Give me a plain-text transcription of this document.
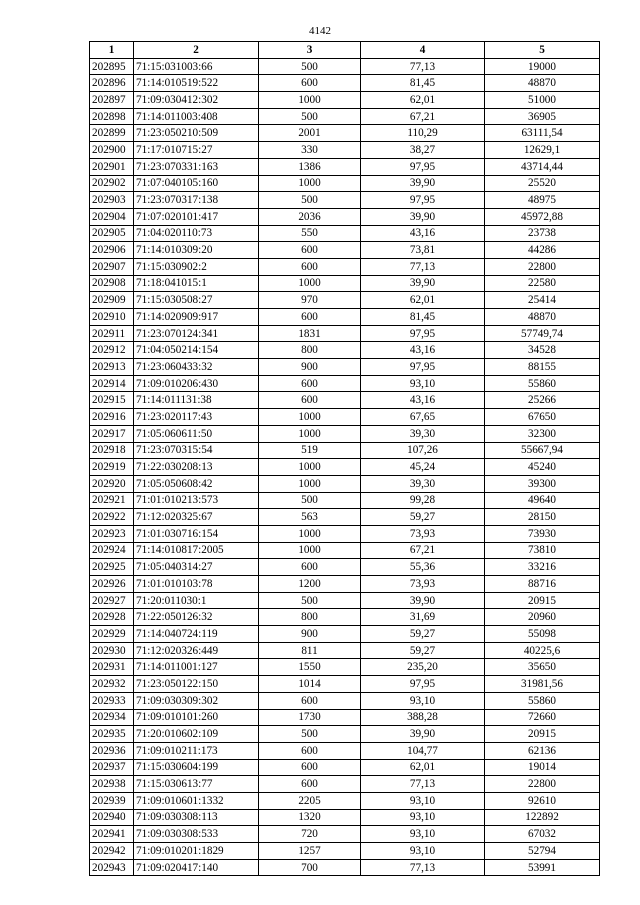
4142
1	2	3	4	5
202895	71:15:031003:66	500	77,13	19000
202896	71:14:010519:522	600	81,45	48870
202897	71:09:030412:302	1000	62,01	51000
202898	71:14:011003:408	500	67,21	36905
202899	71:23:050210:509	2001	110,29	63111,54
202900	71:17:010715:27	330	38,27	12629,1
202901	71:23:070331:163	1386	97,95	43714,44
202902	71:07:040105:160	1000	39,90	25520
202903	71:23:070317:138	500	97,95	48975
202904	71:07:020101:417	2036	39,90	45972,88
202905	71:04:020110:73	550	43,16	23738
202906	71:14:010309:20	600	73,81	44286
202907	71:15:030902:2	600	77,13	22800
202908	71:18:041015:1	1000	39,90	22580
202909	71:15:030508:27	970	62,01	25414
202910	71:14:020909:917	600	81,45	48870
202911	71:23:070124:341	1831	97,95	57749,74
202912	71:04:050214:154	800	43,16	34528
202913	71:23:060433:32	900	97,95	88155
202914	71:09:010206:430	600	93,10	55860
202915	71:14:011131:38	600	43,16	25266
202916	71:23:020117:43	1000	67,65	67650
202917	71:05:060611:50	1000	39,30	32300
202918	71:23:070315:54	519	107,26	55667,94
202919	71:22:030208:13	1000	45,24	45240
202920	71:05:050608:42	1000	39,30	39300
202921	71:01:010213:573	500	99,28	49640
202922	71:12:020325:67	563	59,27	28150
202923	71:01:030716:154	1000	73,93	73930
202924	71:14:010817:2005	1000	67,21	73810
202925	71:05:040314:27	600	55,36	33216
202926	71:01:010103:78	1200	73,93	88716
202927	71:20:011030:1	500	39,90	20915
202928	71:22:050126:32	800	31,69	20960
202929	71:14:040724:119	900	59,27	55098
202930	71:12:020326:449	811	59,27	40225,6
202931	71:14:011001:127	1550	235,20	35650
202932	71:23:050122:150	1014	97,95	31981,56
202933	71:09:030309:302	600	93,10	55860
202934	71:09:010101:260	1730	388,28	72660
202935	71:20:010602:109	500	39,90	20915
202936	71:09:010211:173	600	104,77	62136
202937	71:15:030604:199	600	62,01	19014
202938	71:15:030613:77	600	77,13	22800
202939	71:09:010601:1332	2205	93,10	92610
202940	71:09:030308:113	1320	93,10	122892
202941	71:09:030308:533	720	93,10	67032
202942	71:09:010201:1829	1257	93,10	52794
202943	71:09:020417:140	700	77,13	53991
